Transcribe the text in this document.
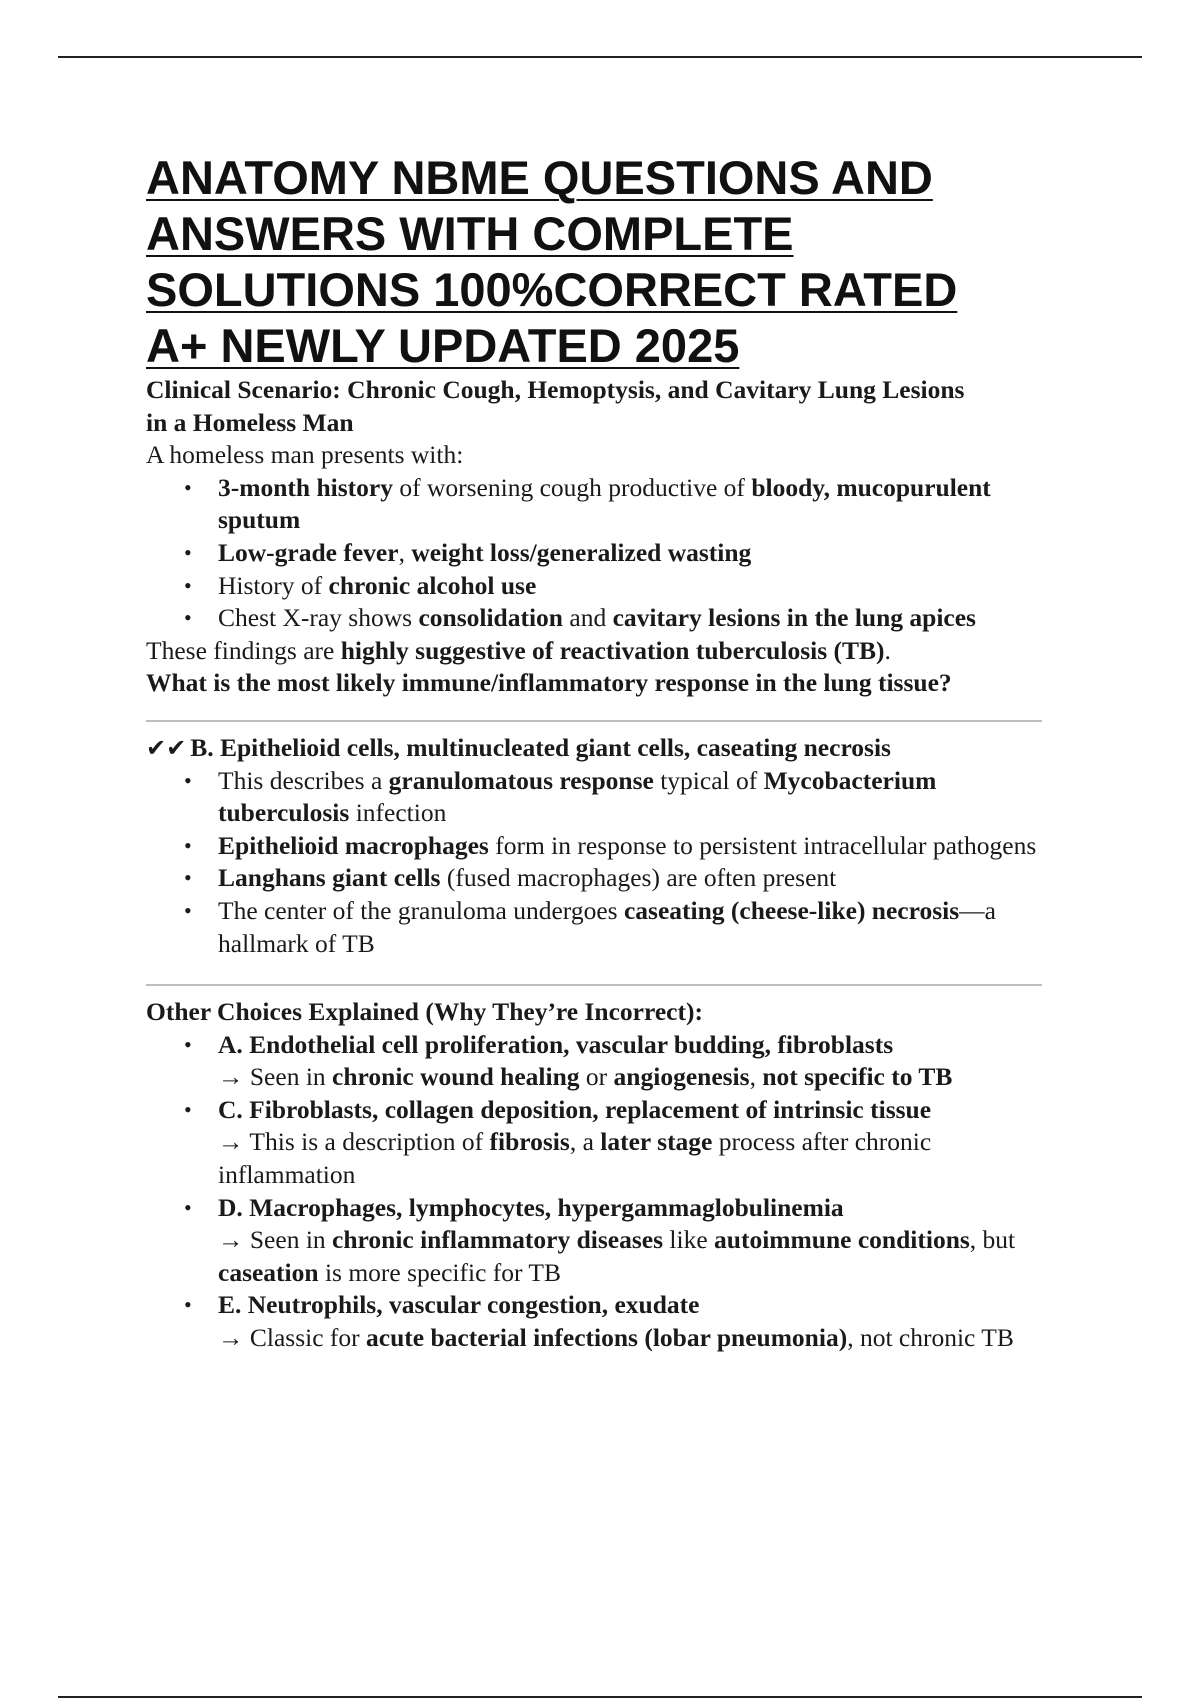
ANATOMY NBME QUESTIONS AND ANSWERS WITH COMPLETE SOLUTIONS 100%CORRECT RATED A+ NEWLY UPDATED 2025

Clinical Scenario: Chronic Cough, Hemoptysis, and Cavitary Lung Lesions in a Homeless Man

A homeless man presents with:

• 3-month history of worsening cough productive of bloody, mucopurulent sputum
• Low-grade fever, weight loss/generalized wasting
• History of chronic alcohol use
• Chest X-ray shows consolidation and cavitary lesions in the lung apices

These findings are highly suggestive of reactivation tuberculosis (TB).

What is the most likely immune/inflammatory response in the lung tissue?

✔✔ B. Epithelioid cells, multinucleated giant cells, caseating necrosis

• This describes a granulomatous response typical of Mycobacterium tuberculosis infection
• Epithelioid macrophages form in response to persistent intracellular pathogens
• Langhans giant cells (fused macrophages) are often present
• The center of the granuloma undergoes caseating (cheese-like) necrosis—a hallmark of TB

Other Choices Explained (Why They’re Incorrect):

• A. Endothelial cell proliferation, vascular budding, fibroblasts
→ Seen in chronic wound healing or angiogenesis, not specific to TB
• C. Fibroblasts, collagen deposition, replacement of intrinsic tissue
→ This is a description of fibrosis, a later stage process after chronic inflammation
• D. Macrophages, lymphocytes, hypergammaglobulinemia
→ Seen in chronic inflammatory diseases like autoimmune conditions, but caseation is more specific for TB
• E. Neutrophils, vascular congestion, exudate
→ Classic for acute bacterial infections (lobar pneumonia), not chronic TB
